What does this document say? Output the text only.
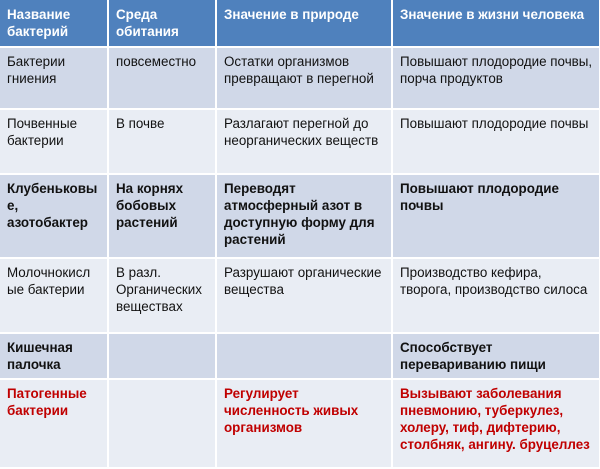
Название бактерий	Среда обитания	Значение в природе	Значение в жизни человека
Бактерии гниения	повсеместно	Остатки организмов превращают в перегной	Повышают плодородие почвы, порча продуктов
Почвенные бактерии	В почве	Разлагают перегной до неорганических веществ	Повышают плодородие почвы
Клубеньковы е, азотобактер	На корнях бобовых растений	Переводят атмосферный азот в доступную форму для растений	Повышают плодородие почвы
Молочнокисл ые бактерии	В разл. Органических веществах	Разрушают органические вещества	Производство кефира, творога, производство силоса
Кишечная палочка			Способствует перевариванию пищи
Патогенные бактерии		Регулирует численность живых организмов	Вызывают заболевания пневмонию, туберкулез, холеру, тиф, дифтерию, столбняк, ангину. бруцеллез
